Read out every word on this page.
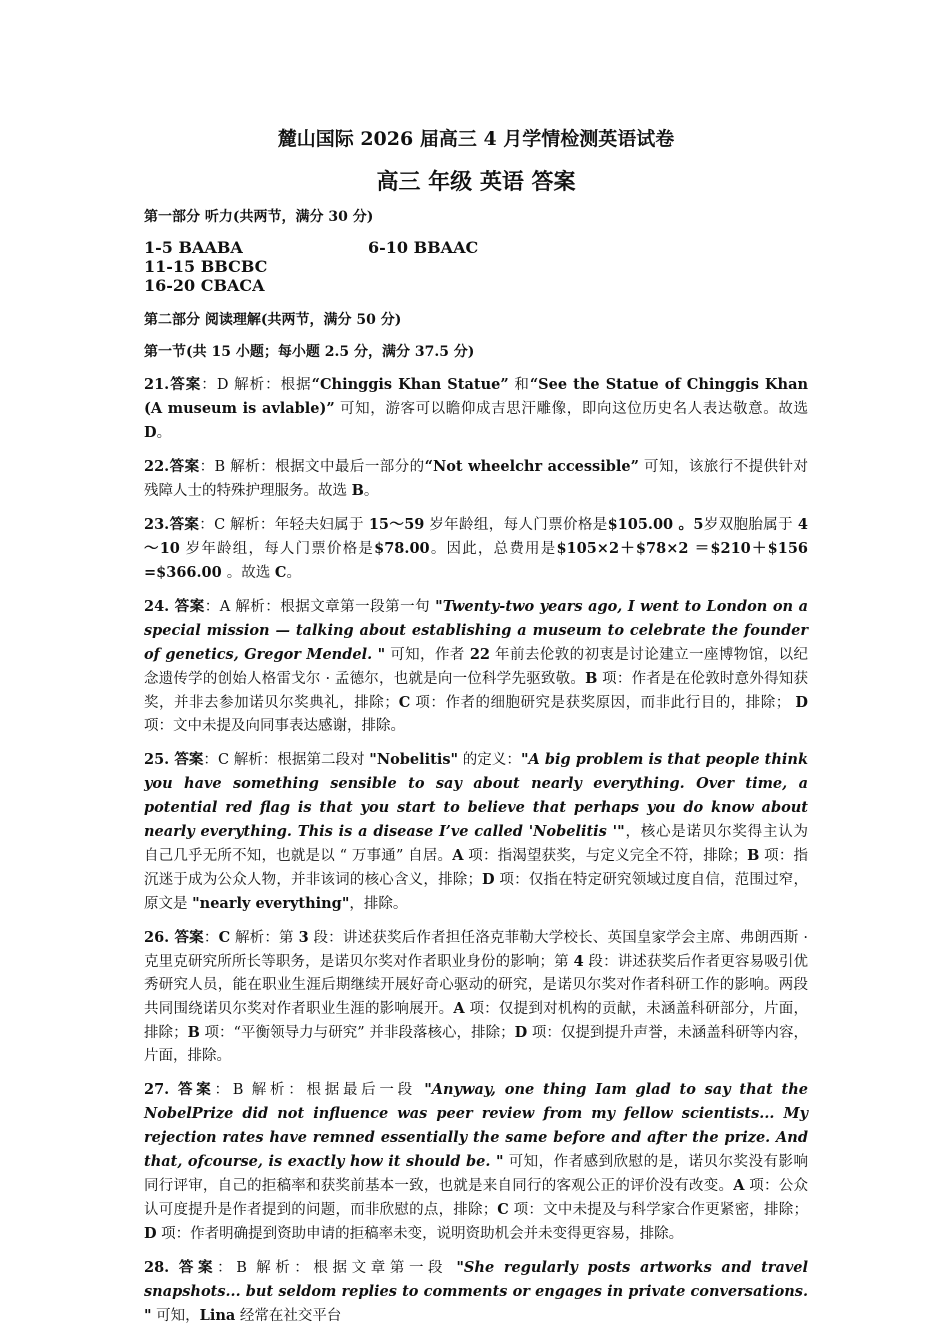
麓山国际 2026 届高三 4 月学情检测英语试卷
高三 年级 英语 答案
第一部分 听力(共两节，满分 30 分)
1-5 BAABA	6-10 BBAAC11-15 BBCBC
16-20 CBACA
第二部分 阅读理解(共两节，满分 50 分)
第一节(共 15 小题；每小题 2.5 分，满分 37.5 分)

21.答案：D 解析：根据“Chinggis Khan Statue” 和“See the Statue of Chinggis Khan (A museum is avlable)” 可知，游客可以瞻仰成吉思汗雕像，即向这位历史名人表达敬意。故选 D。

22.答案：B 解析：根据文中最后一部分的“Not wheelchr accessible” 可知，该旅行不提供针对残障人士的特殊护理服务。故选 B。

23.答案：C 解析：年轻夫妇属于 15～59 岁年龄组，每人门票价格是$105.00 。5岁双胞胎属于 4～10 岁年龄组，每人门票价格是$78.00。因此，总费用是$105×2＋$78×2 ＝$210＋$156 =$366.00 。故选 C。

24. 答案：A 解析：根据文章第一段第一句 "Twenty-two years ago, I went to London on a special mission — talking about establishing a museum to celebrate the founder of genetics, Gregor Mendel. " 可知，作者 22 年前去伦敦的初衷是讨论建立一座博物馆，以纪念遗传学的创始人格雷戈尔 · 孟德尔，也就是向一位科学先驱致敬。B 项：作者是在伦敦时意外得知获奖，并非去参加诺贝尔奖典礼，排除；C 项：作者的细胞研究是获奖原因，而非此行目的，排除； D 项：文中未提及向同事表达感谢，排除。

25. 答案：C 解析：根据第二段对 "Nobelitis" 的定义："A big problem is that people think you have something sensible to say about nearly everything. Over time, a potential red flag is that you start to believe that perhaps you do know about nearly everything. This is a disease I’ve called 'Nobelitis '"，核心是诺贝尔奖得主认为 自己几乎无所不知，也就是以 “ 万事通” 自居。A 项：指渴望获奖，与定义完全不符，排除；B 项：指沉迷于成为公众人物，并非该词的核心含义，排除；D 项：仅指在特定研究领域过度自信，范围过窄，原文是 "nearly everything"，排除。

26. 答案：C 解析：第 3 段：讲述获奖后作者担任洛克菲勒大学校长、英国皇家学会主席、弗朗西斯 · 克里克研究所所长等职务，是诺贝尔奖对作者职业身份的影响；第 4 段：讲述获奖后作者更容易吸引优秀研究人员，能在职业生涯后期继续开展好奇心驱动的研究，是诺贝尔奖对作者科研工作的影响。两段共同围绕诺贝尔奖对作者职业生涯的影响展开。A 项：仅提到对机构的贡献，未涵盖科研部分，片面，排除；B 项：“平衡领导力与研究” 并非段落核心，排除；D 项：仅提到提升声誉，未涵盖科研等内容，片面，排除。

27. 答案：B 解析：根据最后一段 "Anyway, one thing Iam glad to say that the NobelPrize did not influence was peer review from my fellow scientists... My rejection rates have remned essentially the same before and after the prize. And that, ofcourse, is exactly how it should be. " 可知，作者感到欣慰的是，诺贝尔奖没有影响同行评审，自己的拒稿率和获奖前基本一致，也就是来自同行的客观公正的评价没有改变。A 项：公众认可度提升是作者提到的问题，而非欣慰的点，排除；C 项：文中未提及与科学家合作更紧密，排除；D 项：作者明确提到资助申请的拒稿率未变，说明资助机会并未变得更容易，排除。

28. 答案：B 解析：根据文章第一段 "She regularly posts artworks and travel snapshots... but seldom replies to comments or engages in private conversations. " 可知，Lina 经常在社交平台
